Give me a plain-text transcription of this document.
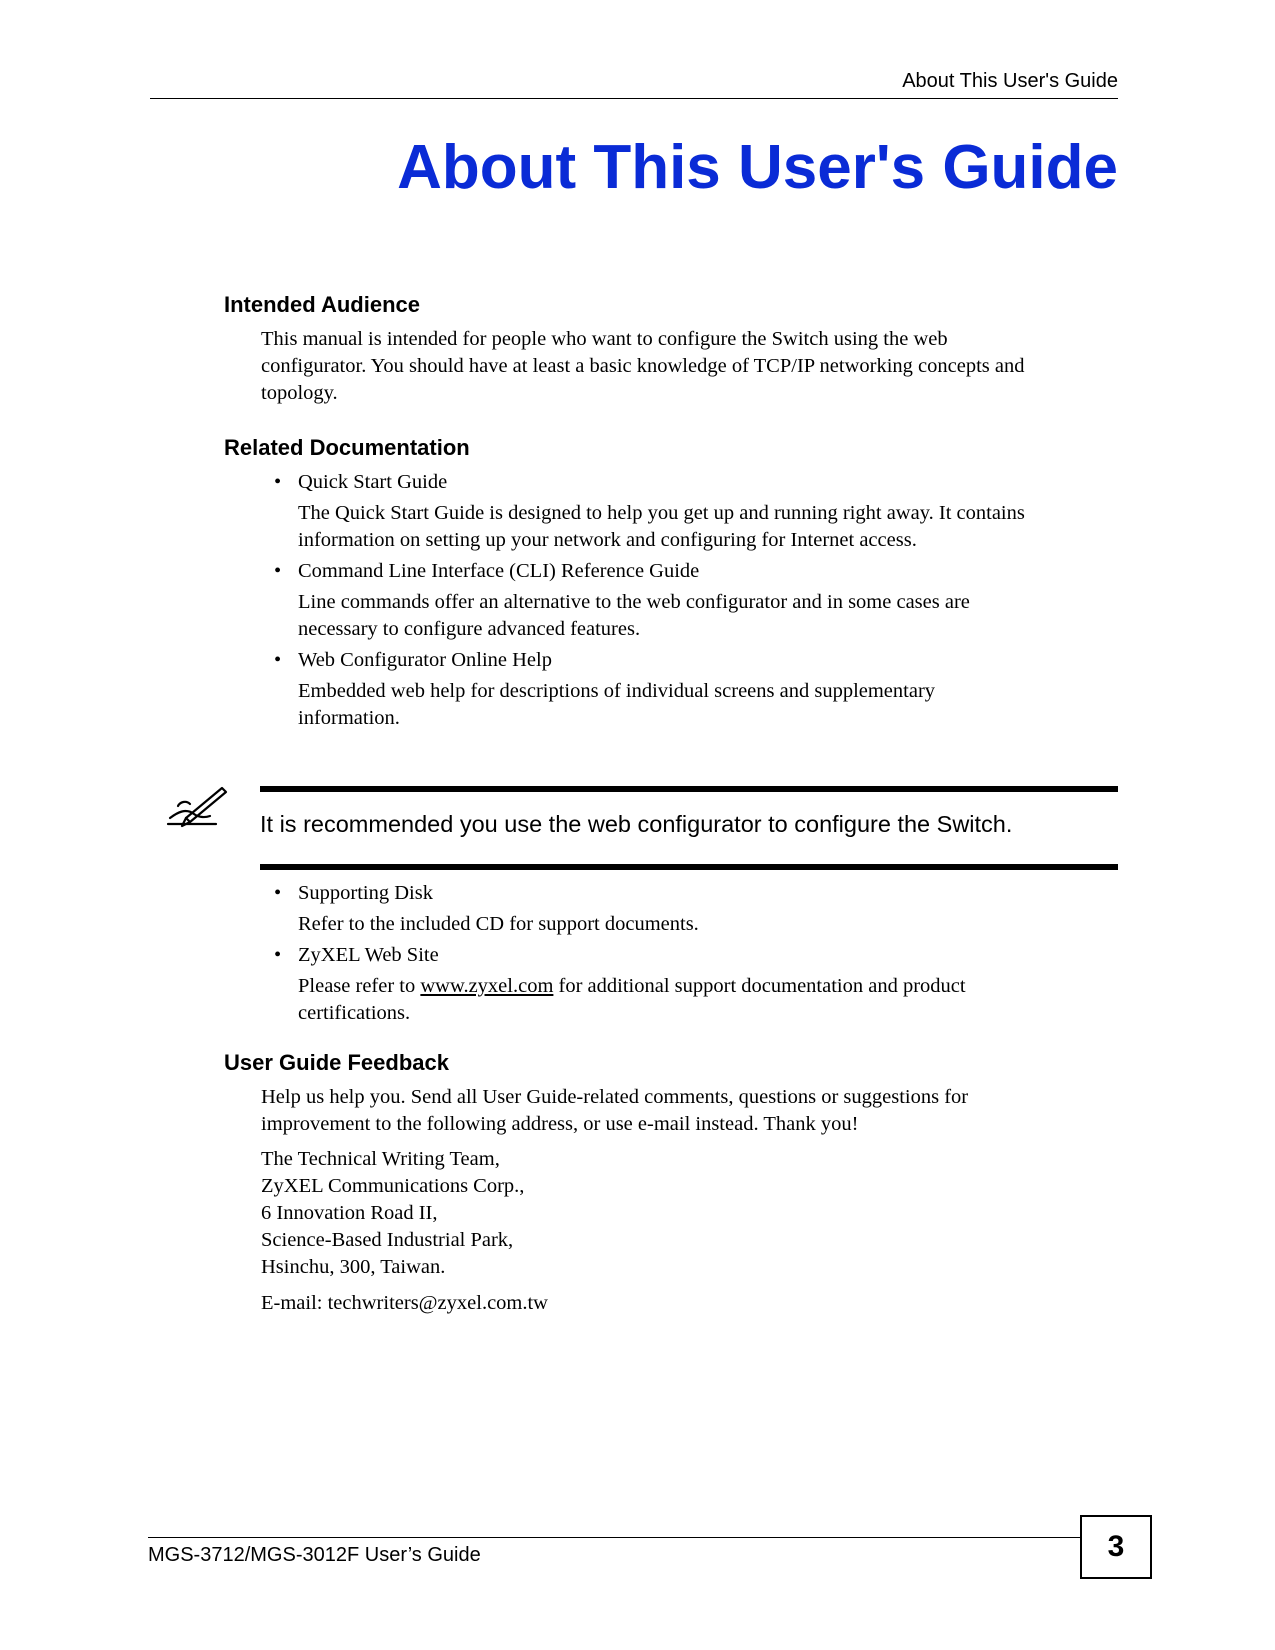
About This User's Guide
About This User's Guide
Intended Audience
This manual is intended for people who want to configure the Switch using the web
configurator. You should have at least a basic knowledge of TCP/IP networking concepts and
topology.
Related Documentation
• Quick Start Guide
The Quick Start Guide is designed to help you get up and running right away. It contains
information on setting up your network and configuring for Internet access.
• Command Line Interface (CLI) Reference Guide
Line commands offer an alternative to the web configurator and in some cases are
necessary to configure advanced features.
• Web Configurator Online Help
Embedded web help for descriptions of individual screens and supplementary
information.
It is recommended you use the web configurator to configure the Switch.
• Supporting Disk
Refer to the included CD for support documents.
• ZyXEL Web Site
Please refer to www.zyxel.com for additional support documentation and product
certifications.
User Guide Feedback
Help us help you. Send all User Guide-related comments, questions or suggestions for
improvement to the following address, or use e-mail instead. Thank you!
The Technical Writing Team,
ZyXEL Communications Corp.,
6 Innovation Road II,
Science-Based Industrial Park,
Hsinchu, 300, Taiwan.
E-mail: techwriters@zyxel.com.tw
MGS-3712/MGS-3012F User’s Guide	3
